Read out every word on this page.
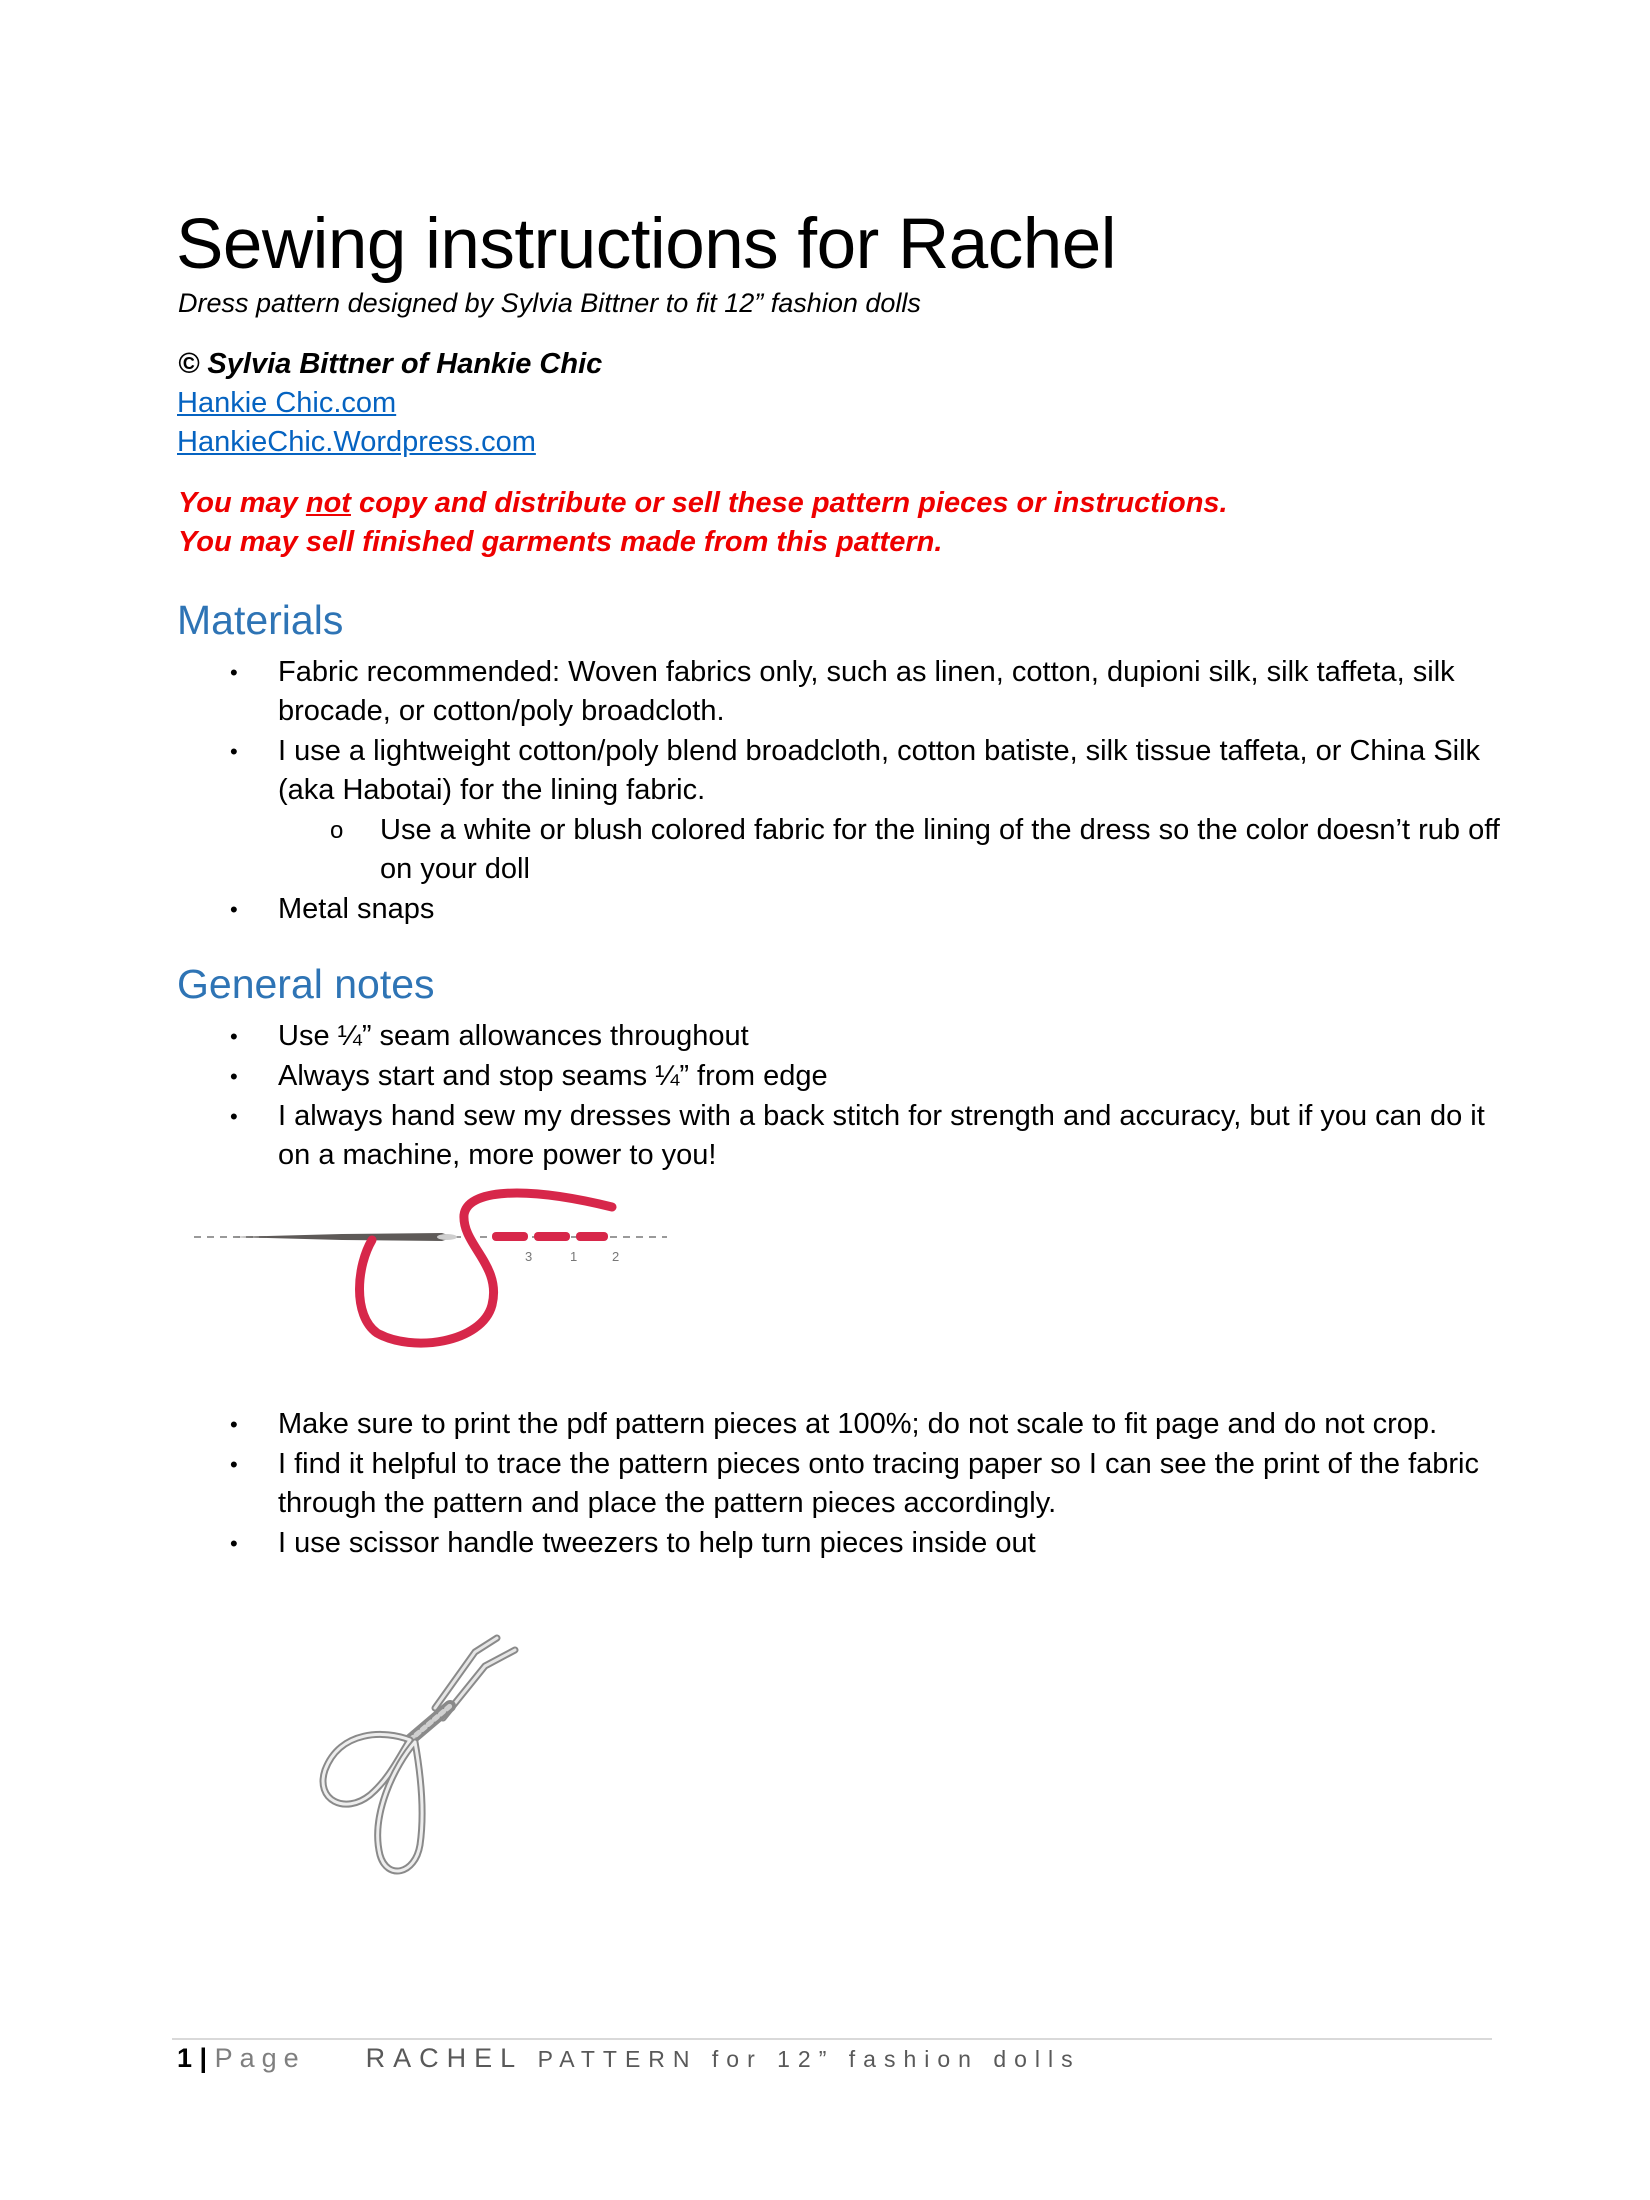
Sewing instructions for Rachel
Dress pattern designed by Sylvia Bittner to fit 12” fashion dolls
© Sylvia Bittner of Hankie Chic
Hankie Chic.com
HankieChic.Wordpress.com
You may not copy and distribute or sell these pattern pieces or instructions.
You may sell finished garments made from this pattern.
Materials
• Fabric recommended: Woven fabrics only, such as linen, cotton, dupioni silk, silk taffeta, silk brocade, or cotton/poly broadcloth.
• I use a lightweight cotton/poly blend broadcloth, cotton batiste, silk tissue taffeta, or China Silk (aka Habotai) for the lining fabric.
o Use a white or blush colored fabric for the lining of the dress so the color doesn’t rub off on your doll
• Metal snaps
General notes
• Use ¼” seam allowances throughout
• Always start and stop seams ¼” from edge
• I always hand sew my dresses with a back stitch for strength and accuracy, but if you can do it on a machine, more power to you!
3	1	2
• Make sure to print the pdf pattern pieces at 100%; do not scale to fit page and do not crop.
• I find it helpful to trace the pattern pieces onto tracing paper so I can see the print of the fabric through the pattern and place the pattern pieces accordingly.
• I use scissor handle tweezers to help turn pieces inside out
1 | Page RACHEL PATTERN for 12” fashion dolls
